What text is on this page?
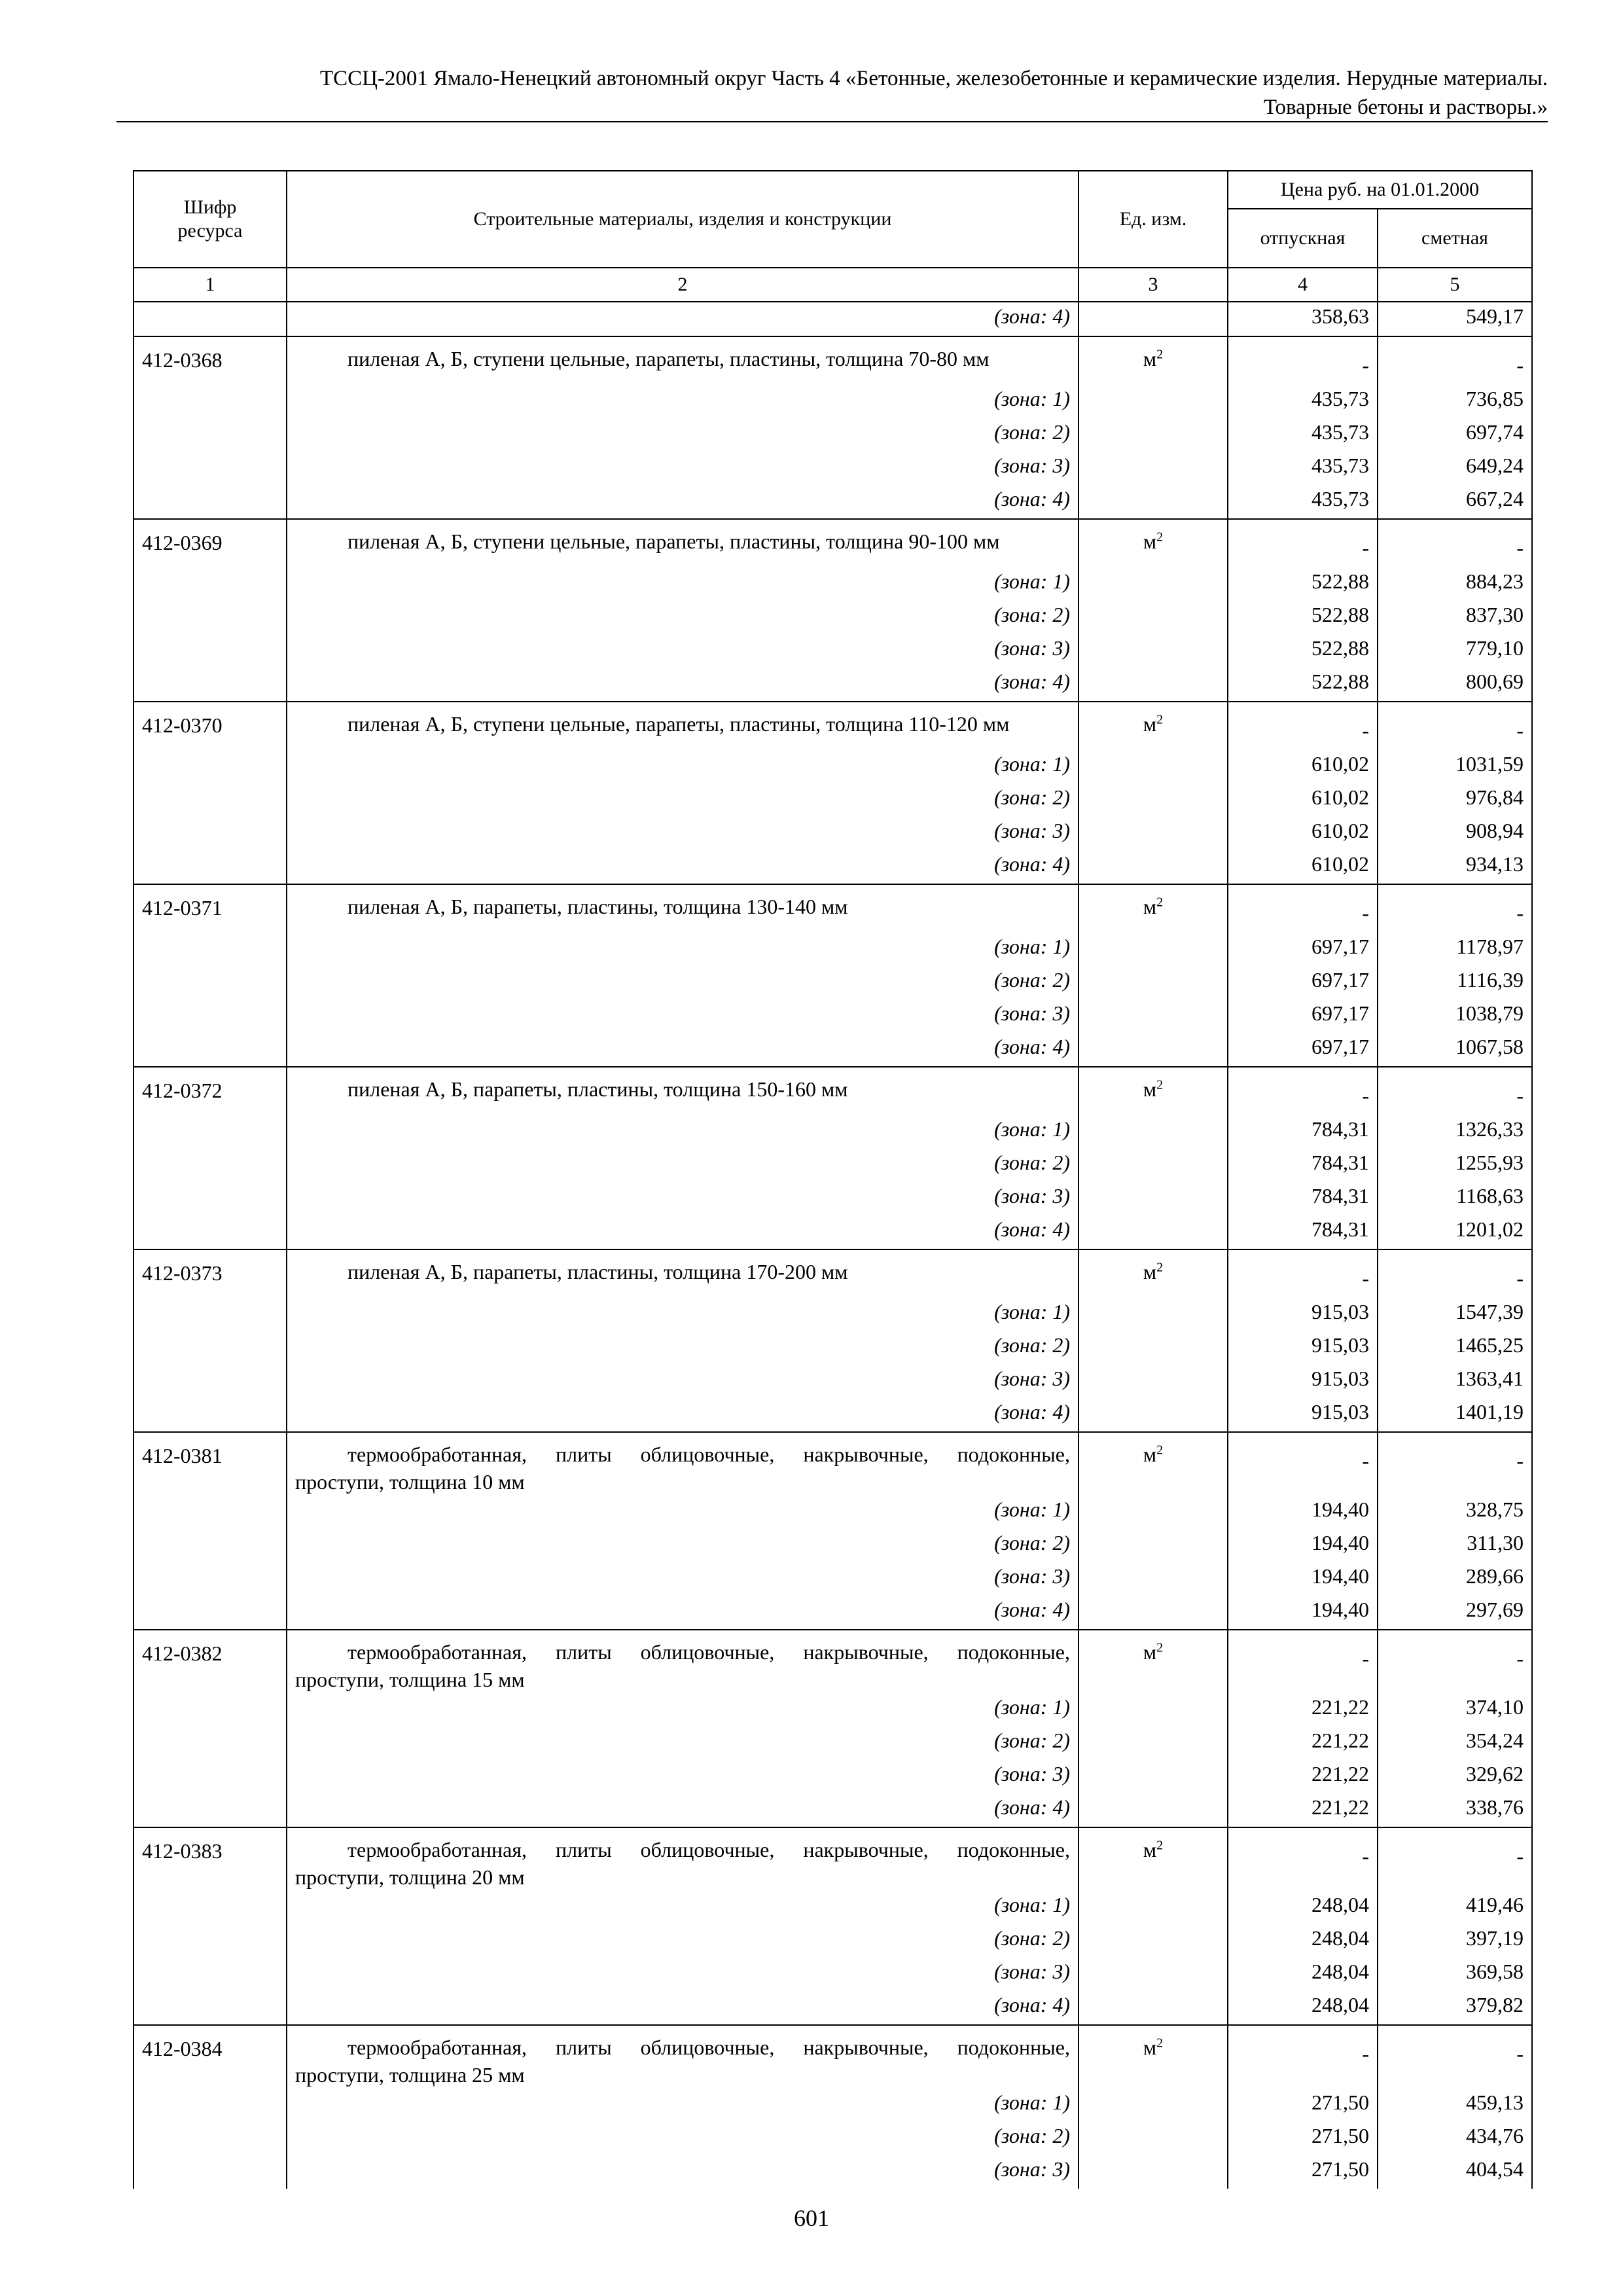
ТССЦ-2001 Ямало-Ненецкий автономный округ Часть 4 «Бетонные, железобетонные и керамические изделия. Нерудные материалы.
Товарные бетоны и растворы.»
Шифр ресурса	Строительные материалы, изделия и конструкции	Ед. изм.	Цена руб. на 01.01.2000	
			отпускная	сметная
1	2	3	4	5
	(зона: 4)		358,63	549,17
412-0368	пиленая А, Б, ступени цельные, парапеты, пластины, толщина 70-80 мм	$м^2$	-	-
	(зона: 1)		435,73	736,85
	(зона: 2)		435,73	697,74
	(зона: 3)		435,73	649,24
	(зона: 4)		435,73	667,24
412-0369	пиленая А, Б, ступени цельные, парапеты, пластины, толщина 90-100 мм	$м^2$	-	-
	(зона: 1)		522,88	884,23
	(зона: 2)		522,88	837,30
	(зона: 3)		522,88	779,10
	(зона: 4)		522,88	800,69
412-0370	пиленая А, Б, ступени цельные, парапеты, пластины, толщина 110-120 мм	$м^2$	-	-
	(зона: 1)		610,02	1031,59
	(зона: 2)		610,02	976,84
	(зона: 3)		610,02	908,94
	(зона: 4)		610,02	934,13
412-0371	пиленая А, Б, парапеты, пластины, толщина 130-140 мм	$м^2$	-	-
	(зона: 1)		697,17	1178,97
	(зона: 2)		697,17	1116,39
	(зона: 3)		697,17	1038,79
	(зона: 4)		697,17	1067,58
412-0372	пиленая А, Б, парапеты, пластины, толщина 150-160 мм	$м^2$	-	-
	(зона: 1)		784,31	1326,33
	(зона: 2)		784,31	1255,93
	(зона: 3)		784,31	1168,63
	(зона: 4)		784,31	1201,02
412-0373	пиленая А, Б, парапеты, пластины, толщина 170-200 мм	$м^2$	-	-
	(зона: 1)		915,03	1547,39
	(зона: 2)		915,03	1465,25
	(зона: 3)		915,03	1363,41
	(зона: 4)		915,03	1401,19
412-0381	термообработанная, плиты облицовочные, накрывочные, подоконные, проступи, толщина 10 мм	$м^2$	-	-
	(зона: 1)		194,40	328,75
	(зона: 2)		194,40	311,30
	(зона: 3)		194,40	289,66
	(зона: 4)		194,40	297,69
412-0382	термообработанная, плиты облицовочные, накрывочные, подоконные, проступи, толщина 15 мм	$м^2$	-	-
	(зона: 1)		221,22	374,10
	(зона: 2)		221,22	354,24
	(зона: 3)		221,22	329,62
	(зона: 4)		221,22	338,76
412-0383	термообработанная, плиты облицовочные, накрывочные, подоконные, проступи, толщина 20 мм	$м^2$	-	-
	(зона: 1)		248,04	419,46
	(зона: 2)		248,04	397,19
	(зона: 3)		248,04	369,58
	(зона: 4)		248,04	379,82
412-0384	термообработанная, плиты облицовочные, накрывочные, подоконные, проступи, толщина 25 мм	$м^2$	-	-
	(зона: 1)		271,50	459,13
	(зона: 2)		271,50	434,76
	(зона: 3)		271,50	404,54
601
